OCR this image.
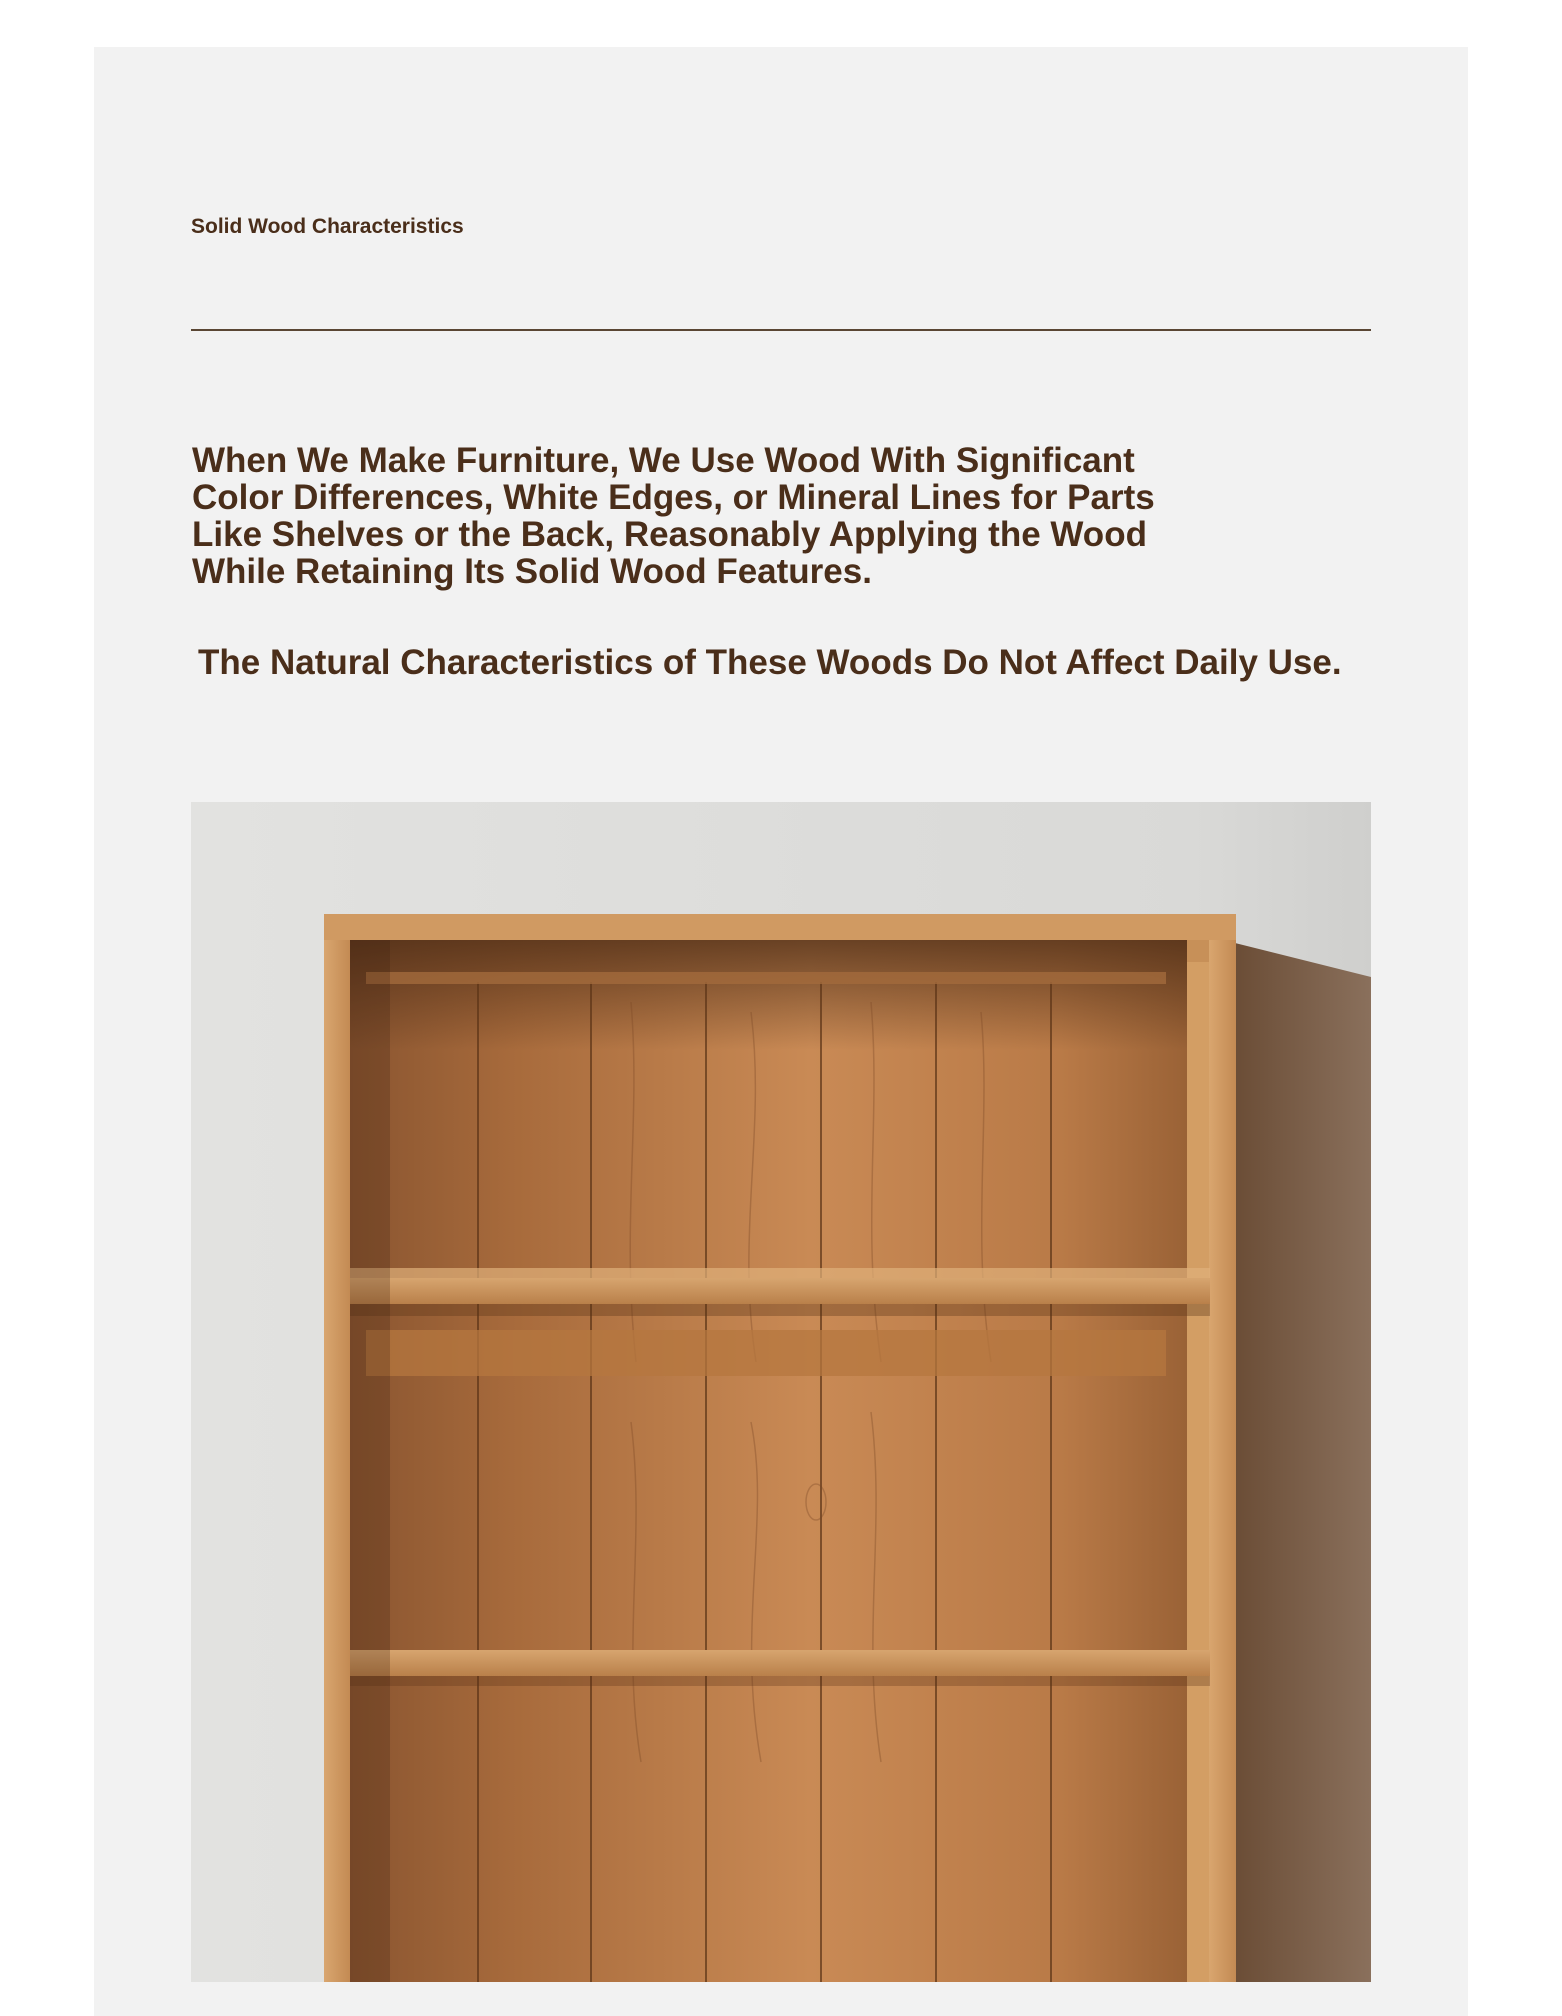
Solid Wood Characteristics
When We Make Furniture, We Use Wood With Significant Color Differences, White Edges, or Mineral Lines for Parts Like Shelves or the Back, Reasonably Applying the Wood While Retaining Its Solid Wood Features.
The Natural Characteristics of These Woods Do Not Affect Daily Use.
